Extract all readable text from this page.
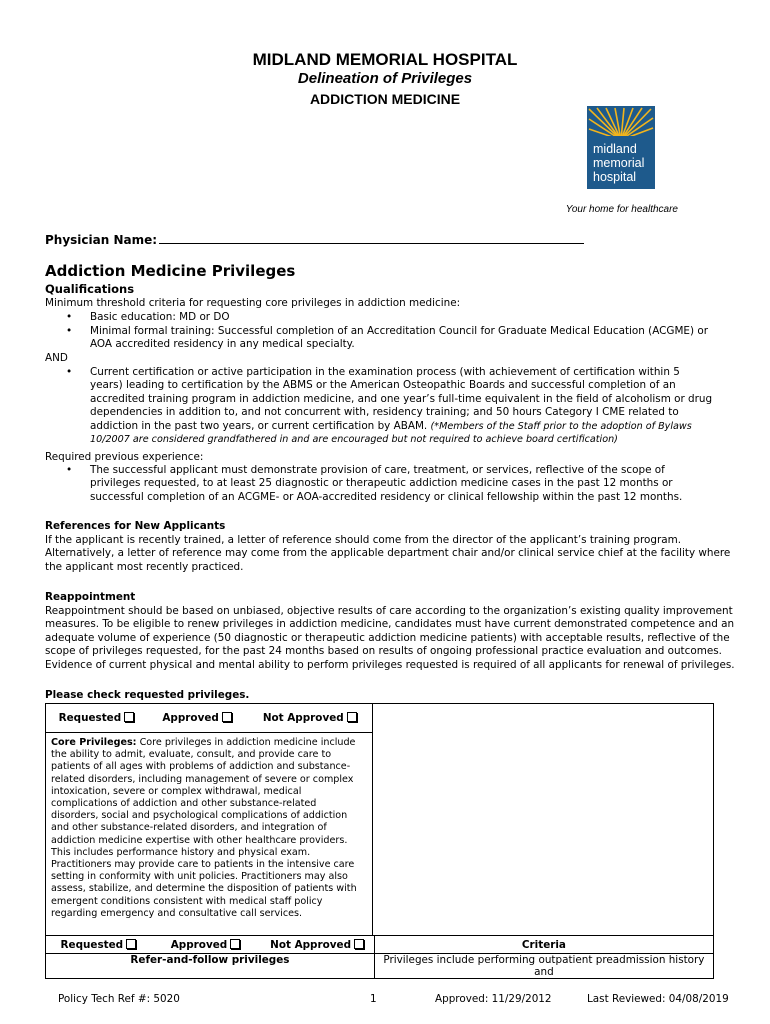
MIDLAND MEMORIAL HOSPITAL
Delineation of Privileges
ADDICTION MEDICINE
midland
memorial
hospital
Your home for healthcare
Physician Name:
Addiction Medicine Privileges
Qualifications
Minimum threshold criteria for requesting core privileges in addiction medicine:
• Basic education: MD or DO
• Minimal formal training: Successful completion of an Accreditation Council for Graduate Medical Education (ACGME) or AOA accredited residency in any medical specialty.
AND
• Current certification or active participation in the examination process (with achievement of certification within 5 years) leading to certification by the ABMS or the American Osteopathic Boards and successful completion of an accredited training program in addiction medicine, and one year’s full-time equivalent in the field of alcoholism or drug dependencies in addition to, and not concurrent with, residency training; and 50 hours Category I CME related to addiction in the past two years, or current certification by ABAM. (*Members of the Staff prior to the adoption of Bylaws 10/2007 are considered grandfathered in and are encouraged but not required to achieve board certification)
Required previous experience:
• The successful applicant must demonstrate provision of care, treatment, or services, reflective of the scope of privileges requested, to at least 25 diagnostic or therapeutic addiction medicine cases in the past 12 months or successful completion of an ACGME- or AOA-accredited residency or clinical fellowship within the past 12 months.
References for New Applicants
If the applicant is recently trained, a letter of reference should come from the director of the applicant’s training program. Alternatively, a letter of reference may come from the applicable department chair and/or clinical service chief at the facility where the applicant most recently practiced.
Reappointment
Reappointment should be based on unbiased, objective results of care according to the organization’s existing quality improvement measures. To be eligible to renew privileges in addiction medicine, candidates must have current demonstrated competence and an adequate volume of experience (50 diagnostic or therapeutic addiction medicine patients) with acceptable results, reflective of the scope of privileges requested, for the past 24 months based on results of ongoing professional practice evaluation and outcomes. Evidence of current physical and mental ability to perform privileges requested is required of all applicants for renewal of privileges.
Please check requested privileges.
Requested	Approved	Not Approved	
Core Privileges: Core privileges in addiction medicine include the ability to admit, evaluate, consult, and provide care to patients of all ages with problems of addiction and substance-related disorders, including management of severe or complex intoxication, severe or complex withdrawal, medical complications of addiction and other substance-related disorders, social and psychological complications of addiction and other substance-related disorders, and integration of addiction medicine expertise with other healthcare providers. This includes performance history and physical exam. Practitioners may provide care to patients in the intensive care setting in conformity with unit policies. Practitioners may also assess, stabilize, and determine the disposition of patients with emergent conditions consistent with medical staff policy regarding emergency and consultative call services.
Requested	Approved	Not Approved	Criteria
Refer-and-follow privileges			Privileges include performing outpatient preadmission history and
Policy Tech Ref #: 5020	1	Approved: 11/29/2012	Last Reviewed: 04/08/2019
